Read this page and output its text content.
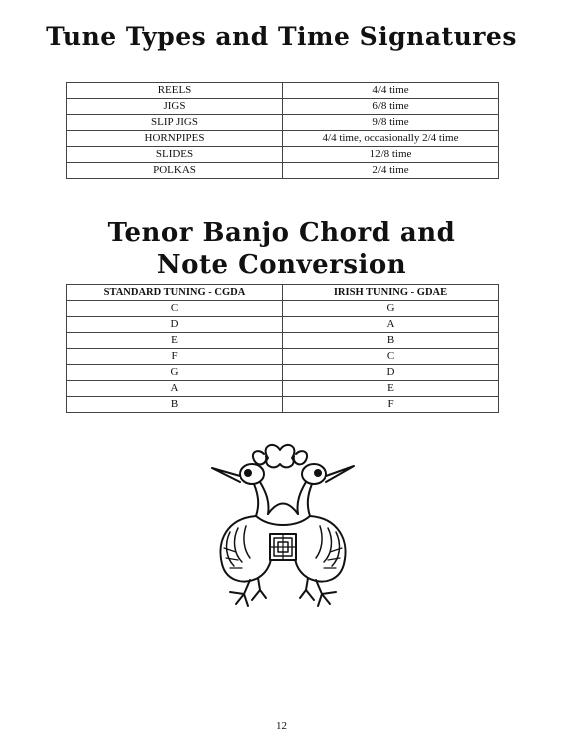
Tune Types and Time Signatures
REELS	4/4 time
JIGS	6/8 time
SLIP JIGS	9/8 time
HORNPIPES	4/4 time, occasionally 2/4 time
SLIDES	12/8 time
POLKAS	2/4 time
Tenor Banjo Chord and
Note Conversion
STANDARD TUNING - CGDA	IRISH TUNING - GDAE
C	G
D	A
E	B
F	C
G	D
A	E
B	F
12
